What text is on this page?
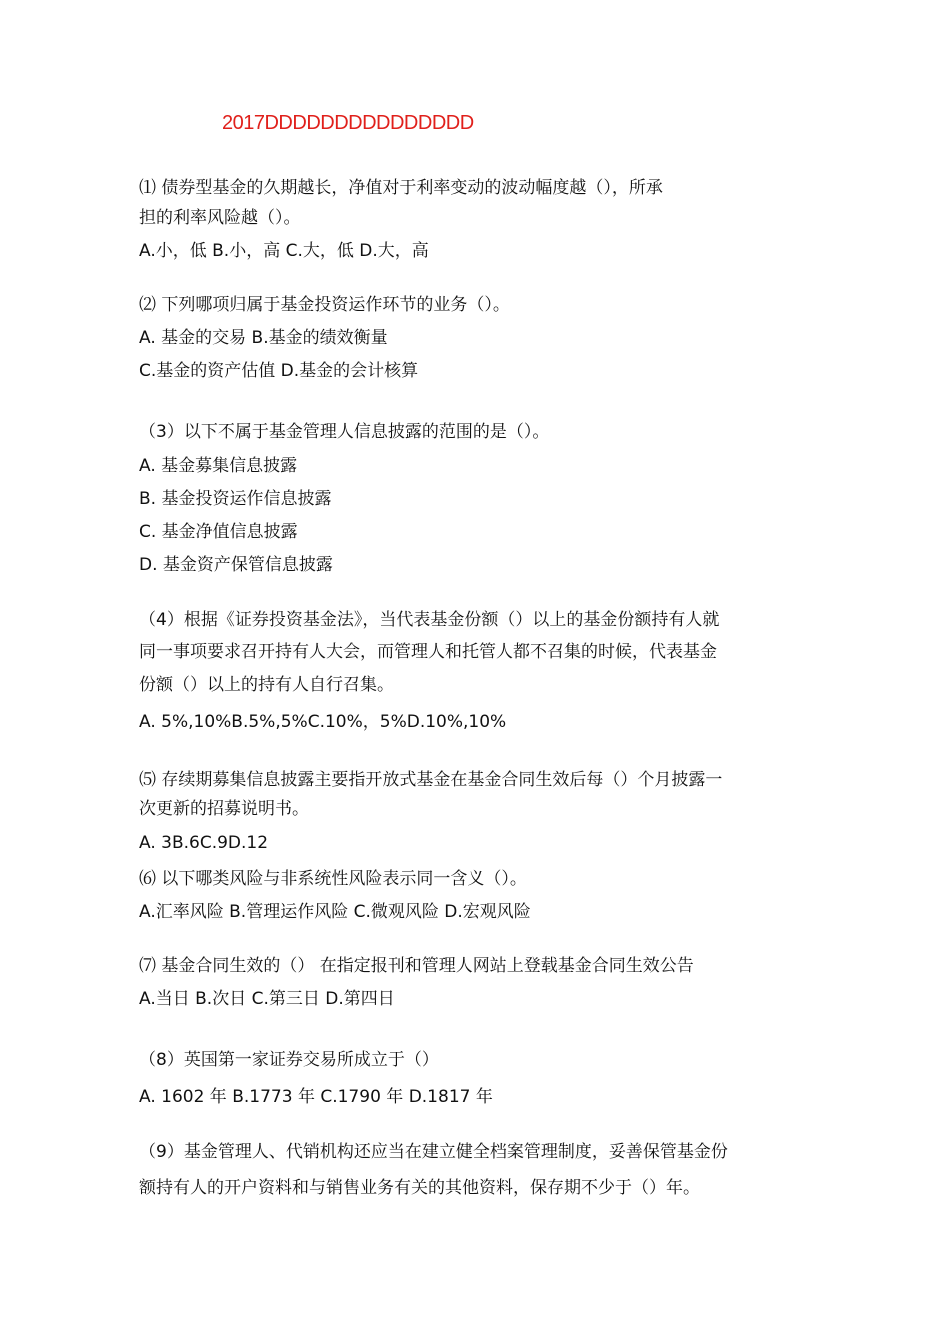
2017DDDDDDDDDDDDDDD
⑴ 债券型基金的久期越长，净值对于利率变动的波动幅度越（），所承
担的利率风险越（）。
A.小，低 B.小，高 C.大，低 D.大，高
⑵ 下列哪项归属于基金投资运作环节的业务（）。
A. 基金的交易 B.基金的绩效衡量
C.基金的资产估值 D.基金的会计核算
（3）以下不属于基金管理人信息披露的范围的是（）。
A. 基金募集信息披露
B. 基金投资运作信息披露
C. 基金净值信息披露
D. 基金资产保管信息披露
（4）根据《证券投资基金法》，当代表基金份额（）以上的基金份额持有人就
同一事项要求召开持有人大会，而管理人和托管人都不召集的时候，代表基金
份额（）以上的持有人自行召集。
A. 5%,10%B.5%,5%C.10%，5%D.10%,10%
⑸ 存续期募集信息披露主要指开放式基金在基金合同生效后每（）个月披露一
次更新的招募说明书。
A. 3B.6C.9D.12
⑹ 以下哪类风险与非系统性风险表示同一含义（）。
A.汇率风险 B.管理运作风险 C.微观风险 D.宏观风险
⑺ 基金合同生效的（） 在指定报刊和管理人网站上登载基金合同生效公告
A.当日 B.次日 C.第三日 D.第四日
（8）英国第一家证券交易所成立于（）
A. 1602 年 B.1773 年 C.1790 年 D.1817 年
（9）基金管理人、代销机构还应当在建立健全档案管理制度，妥善保管基金份
额持有人的开户资料和与销售业务有关的其他资料，保存期不少于（）年。
